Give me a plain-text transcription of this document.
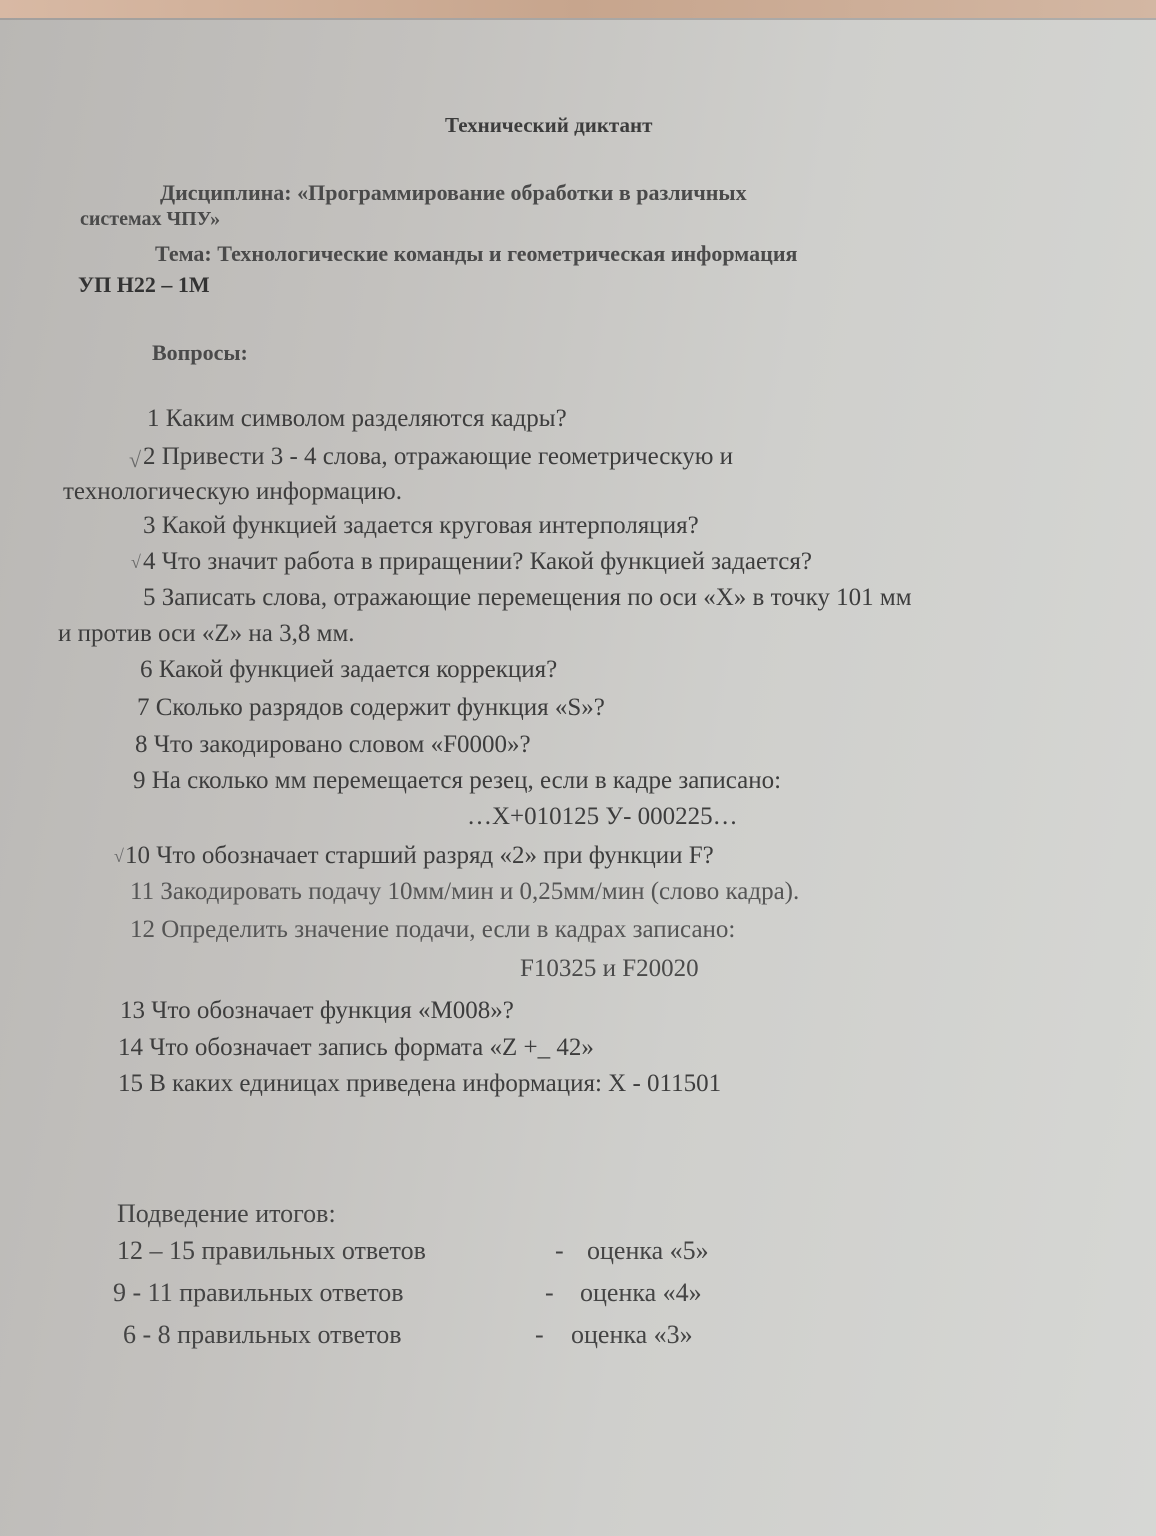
Технический диктант
Дисциплина: «Программирование обработки в различных
системах ЧПУ»
Тема: Технологические команды и геометрическая информация
УП Н22 – 1М
Вопросы:
1 Каким символом разделяются кадры?
2 Привести 3 - 4 слова, отражающие геометрическую и
технологическую информацию.
3 Какой функцией задается круговая интерполяция?
4 Что значит работа в приращении? Какой функцией задается?
5 Записать слова, отражающие перемещения по оси «X» в точку 101 мм
и против оси «Z» на 3,8 мм.
6 Какой функцией задается коррекция?
7 Сколько разрядов содержит функция «S»?
8 Что закодировано словом «F0000»?
9 На сколько мм перемещается резец, если в кадре записано:
…X+010125 У- 000225…
10 Что обозначает старший разряд «2» при функции F?
11 Закодировать подачу 10мм/мин и 0,25мм/мин (слово кадра).
12 Определить значение подачи, если в кадрах записано:
F10325 и F20020
13 Что обозначает функция «M008»?
14 Что обозначает запись формата «Z +_ 42»
15 В каких единицах приведена информация: X - 011501
√
√
√
Подведение итогов:
12 – 15 правильных ответов	- оценка «5»
9 - 11 правильных ответов	- оценка «4»
6 - 8 правильных ответов	- оценка «3»
